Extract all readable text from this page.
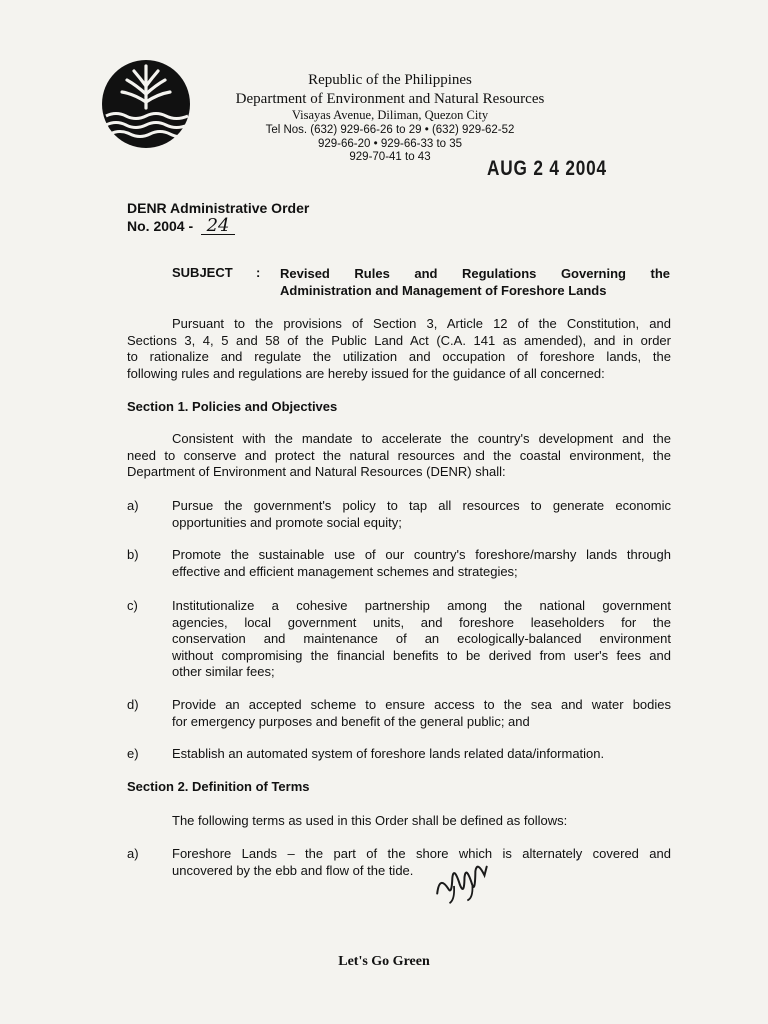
Republic of the Philippines
Department of Environment and Natural Resources
Visayas Avenue, Diliman, Quezon City
Tel Nos. (632) 929-66-26 to 29 • (632) 929-62-52
929-66-20 • 929-66-33 to 35
929-70-41 to 43	AUG 2 4 2004
DENR Administrative Order
No. 2004 - 24
SUBJECT : Revised Rules and Regulations Governing the
Administration and Management of Foreshore Lands
Pursuant to the provisions of Section 3, Article 12 of the Constitution, and
Sections 3, 4, 5 and 58 of the Public Land Act (C.A. 141 as amended), and in order
to rationalize and regulate the utilization and occupation of foreshore lands, the
following rules and regulations are hereby issued for the guidance of all concerned:
Section 1. Policies and Objectives
Consistent with the mandate to accelerate the country's development and the
need to conserve and protect the natural resources and the coastal environment, the
Department of Environment and Natural Resources (DENR) shall:
a)	Pursue the government's policy to tap all resources to generate economic
opportunities and promote social equity;
b)	Promote the sustainable use of our country's foreshore/marshy lands through
effective and efficient management schemes and strategies;
c)	Institutionalize a cohesive partnership among the national government
agencies, local government units, and foreshore leaseholders for the
conservation and maintenance of an ecologically-balanced environment
without compromising the financial benefits to be derived from user's fees and
other similar fees;
d)	Provide an accepted scheme to ensure access to the sea and water bodies
for emergency purposes and benefit of the general public; and
e)	Establish an automated system of foreshore lands related data/information.
Section 2. Definition of Terms
The following terms as used in this Order shall be defined as follows:
a)	Foreshore Lands – the part of the shore which is alternately covered and
uncovered by the ebb and flow of the tide.
Let's Go Green
